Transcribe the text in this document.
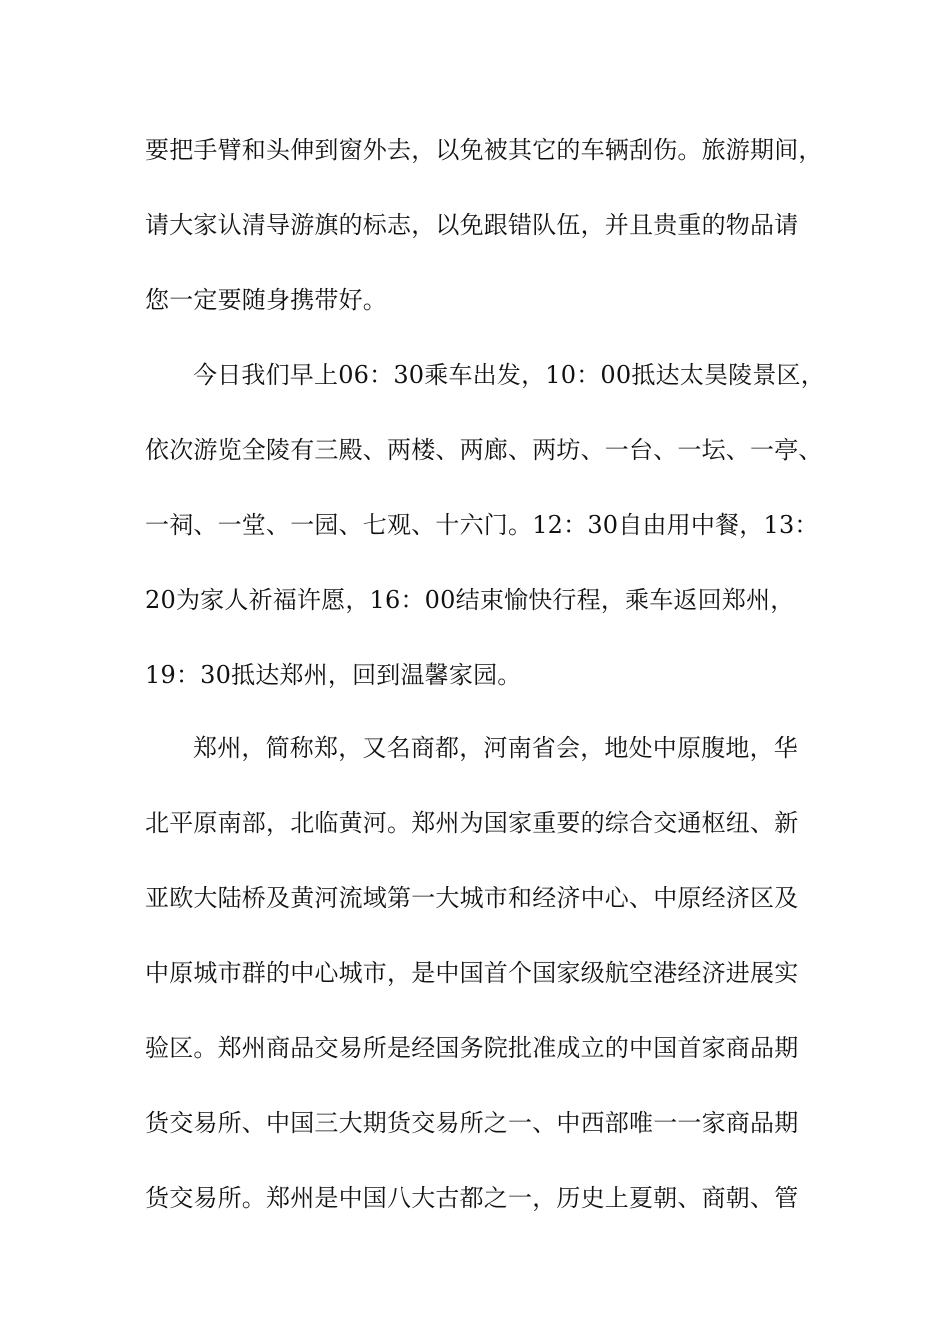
要把手臂和头伸到窗外去，以免被其它的车辆刮伤。旅游期间，
请大家认清导游旗的标志，以免跟错队伍，并且贵重的物品请
您一定要随身携带好。
今日我们早上06：30乘车出发，10：00抵达太昊陵景区，
依次游览全陵有三殿、两楼、两廊、两坊、一台、一坛、一亭、
一祠、一堂、一园、七观、十六门。12：30自由用中餐，13：
20为家人祈福许愿，16：00结束愉快行程，乘车返回郑州，
19：30抵达郑州，回到温馨家园。
郑州，简称郑，又名商都，河南省会，地处中原腹地，华
北平原南部，北临黄河。郑州为国家重要的综合交通枢纽、新
亚欧大陆桥及黄河流域第一大城市和经济中心、中原经济区及
中原城市群的中心城市，是中国首个国家级航空港经济进展实
验区。郑州商品交易所是经国务院批准成立的中国首家商品期
货交易所、中国三大期货交易所之一、中西部唯一一家商品期
货交易所。郑州是中国八大古都之一，历史上夏朝、商朝、管
